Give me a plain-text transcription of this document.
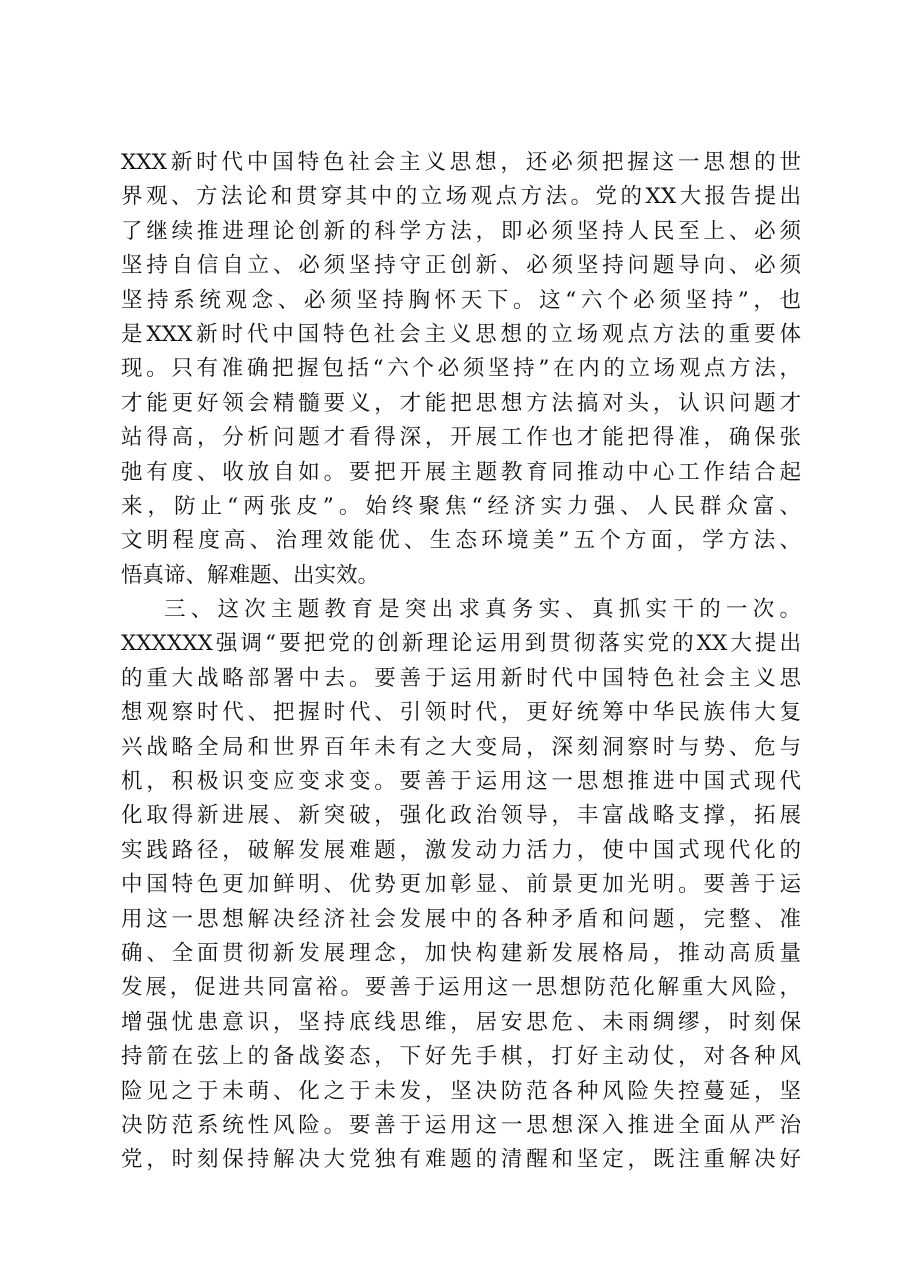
XXX新时代中国特色社会主义思想，还必须把握这一思想的世
界观、方法论和贯穿其中的立场观点方法。党的XX大报告提出
了继续推进理论创新的科学方法，即必须坚持人民至上、必须
坚持自信自立、必须坚持守正创新、必须坚持问题导向、必须
坚持系统观念、必须坚持胸怀天下。这“六个必须坚持”，也
是XXX新时代中国特色社会主义思想的立场观点方法的重要体
现。只有准确把握包括“六个必须坚持”在内的立场观点方法，
才能更好领会精髓要义，才能把思想方法搞对头，认识问题才
站得高，分析问题才看得深，开展工作也才能把得准，确保张
弛有度、收放自如。要把开展主题教育同推动中心工作结合起
来，防止“两张皮”。始终聚焦“经济实力强、人民群众富、
文明程度高、治理效能优、生态环境美”五个方面，学方法、
悟真谛、解难题、出实效。
三、这次主题教育是突出求真务实、真抓实干的一次。
XXXXXX强调“要把党的创新理论运用到贯彻落实党的XX大提出
的重大战略部署中去。要善于运用新时代中国特色社会主义思
想观察时代、把握时代、引领时代，更好统筹中华民族伟大复
兴战略全局和世界百年未有之大变局，深刻洞察时与势、危与
机，积极识变应变求变。要善于运用这一思想推进中国式现代
化取得新进展、新突破，强化政治领导，丰富战略支撑，拓展
实践路径，破解发展难题，激发动力活力，使中国式现代化的
中国特色更加鲜明、优势更加彰显、前景更加光明。要善于运
用这一思想解决经济社会发展中的各种矛盾和问题，完整、准
确、全面贯彻新发展理念，加快构建新发展格局，推动高质量
发展，促进共同富裕。要善于运用这一思想防范化解重大风险，
增强忧患意识，坚持底线思维，居安思危、未雨绸缪，时刻保
持箭在弦上的备战姿态，下好先手棋，打好主动仗，对各种风
险见之于未萌、化之于未发，坚决防范各种风险失控蔓延，坚
决防范系统性风险。要善于运用这一思想深入推进全面从严治
党，时刻保持解决大党独有难题的清醒和坚定，既注重解决好
